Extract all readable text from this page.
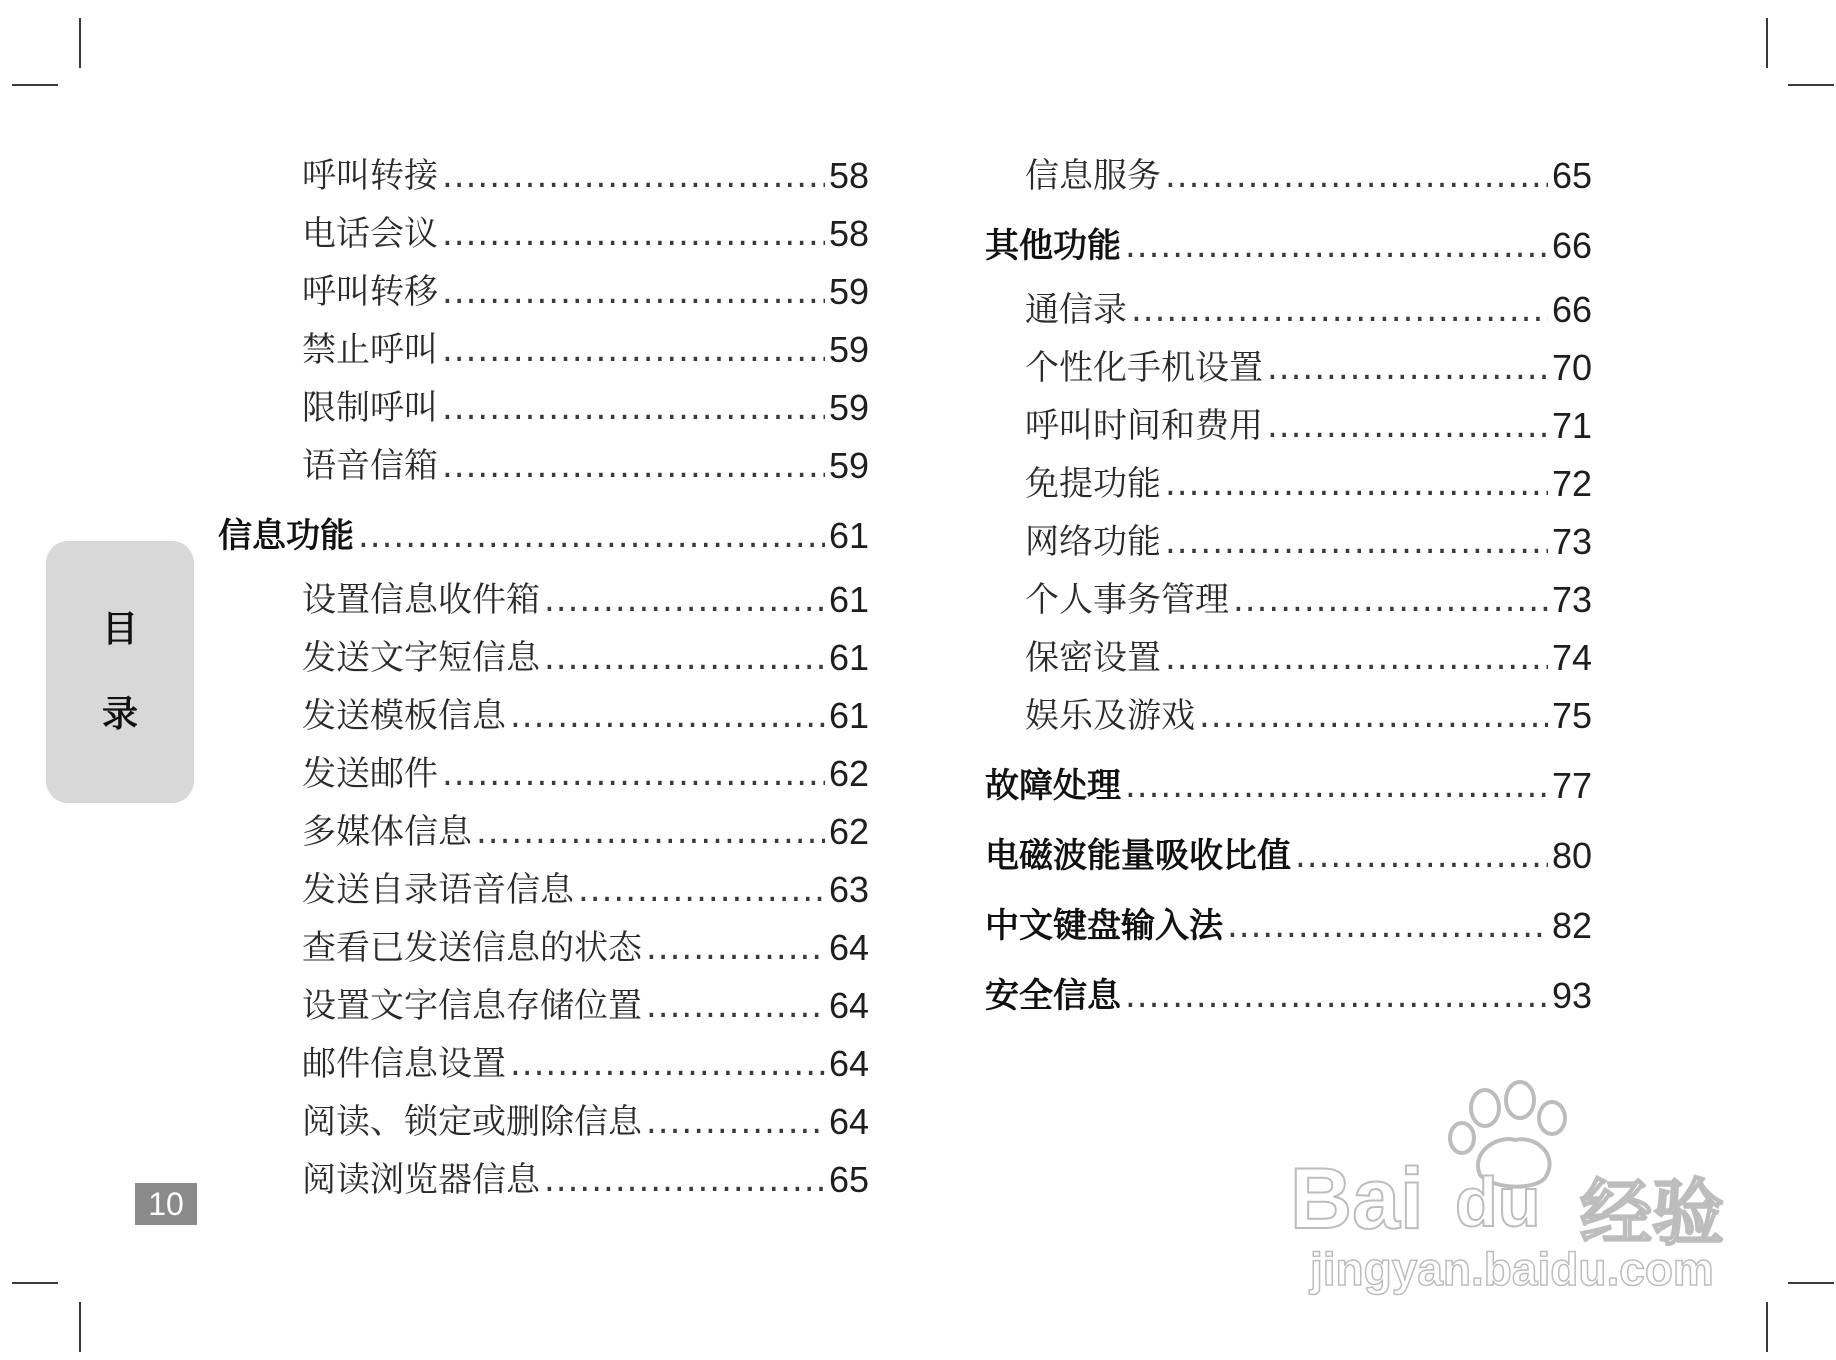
呼叫转接 .....	58
电话会议 .....	58
呼叫转移 .....	59
禁止呼叫 .....	59
限制呼叫 .....	59
语音信箱 .....	59
信息功能 .....	61
设置信息收件箱 .....	61
发送文字短信息 .....	61
发送模板信息 .....	61
发送邮件 .....	62
多媒体信息 .....	62
发送自录语音信息 .....	63
查看已发送信息的状态 .....	64
设置文字信息存储位置 .....	64
邮件信息设置 .....	64
阅读、锁定或删除信息 .....	64
阅读浏览器信息 .....	65
信息服务 .....	65
其他功能 .....	66
通信录 .....	66
个性化手机设置 .....	70
呼叫时间和费用 .....	71
免提功能 .....	72
网络功能 .....	73
个人事务管理 .....	73
保密设置 .....	74
娱乐及游戏 .....	75
故障处理 .....	77
电磁波能量吸收比值 .....	80
中文键盘输入法 .....	82
安全信息 .....	93
目
录
10	Bai du 经验
jingyan.baidu.com
